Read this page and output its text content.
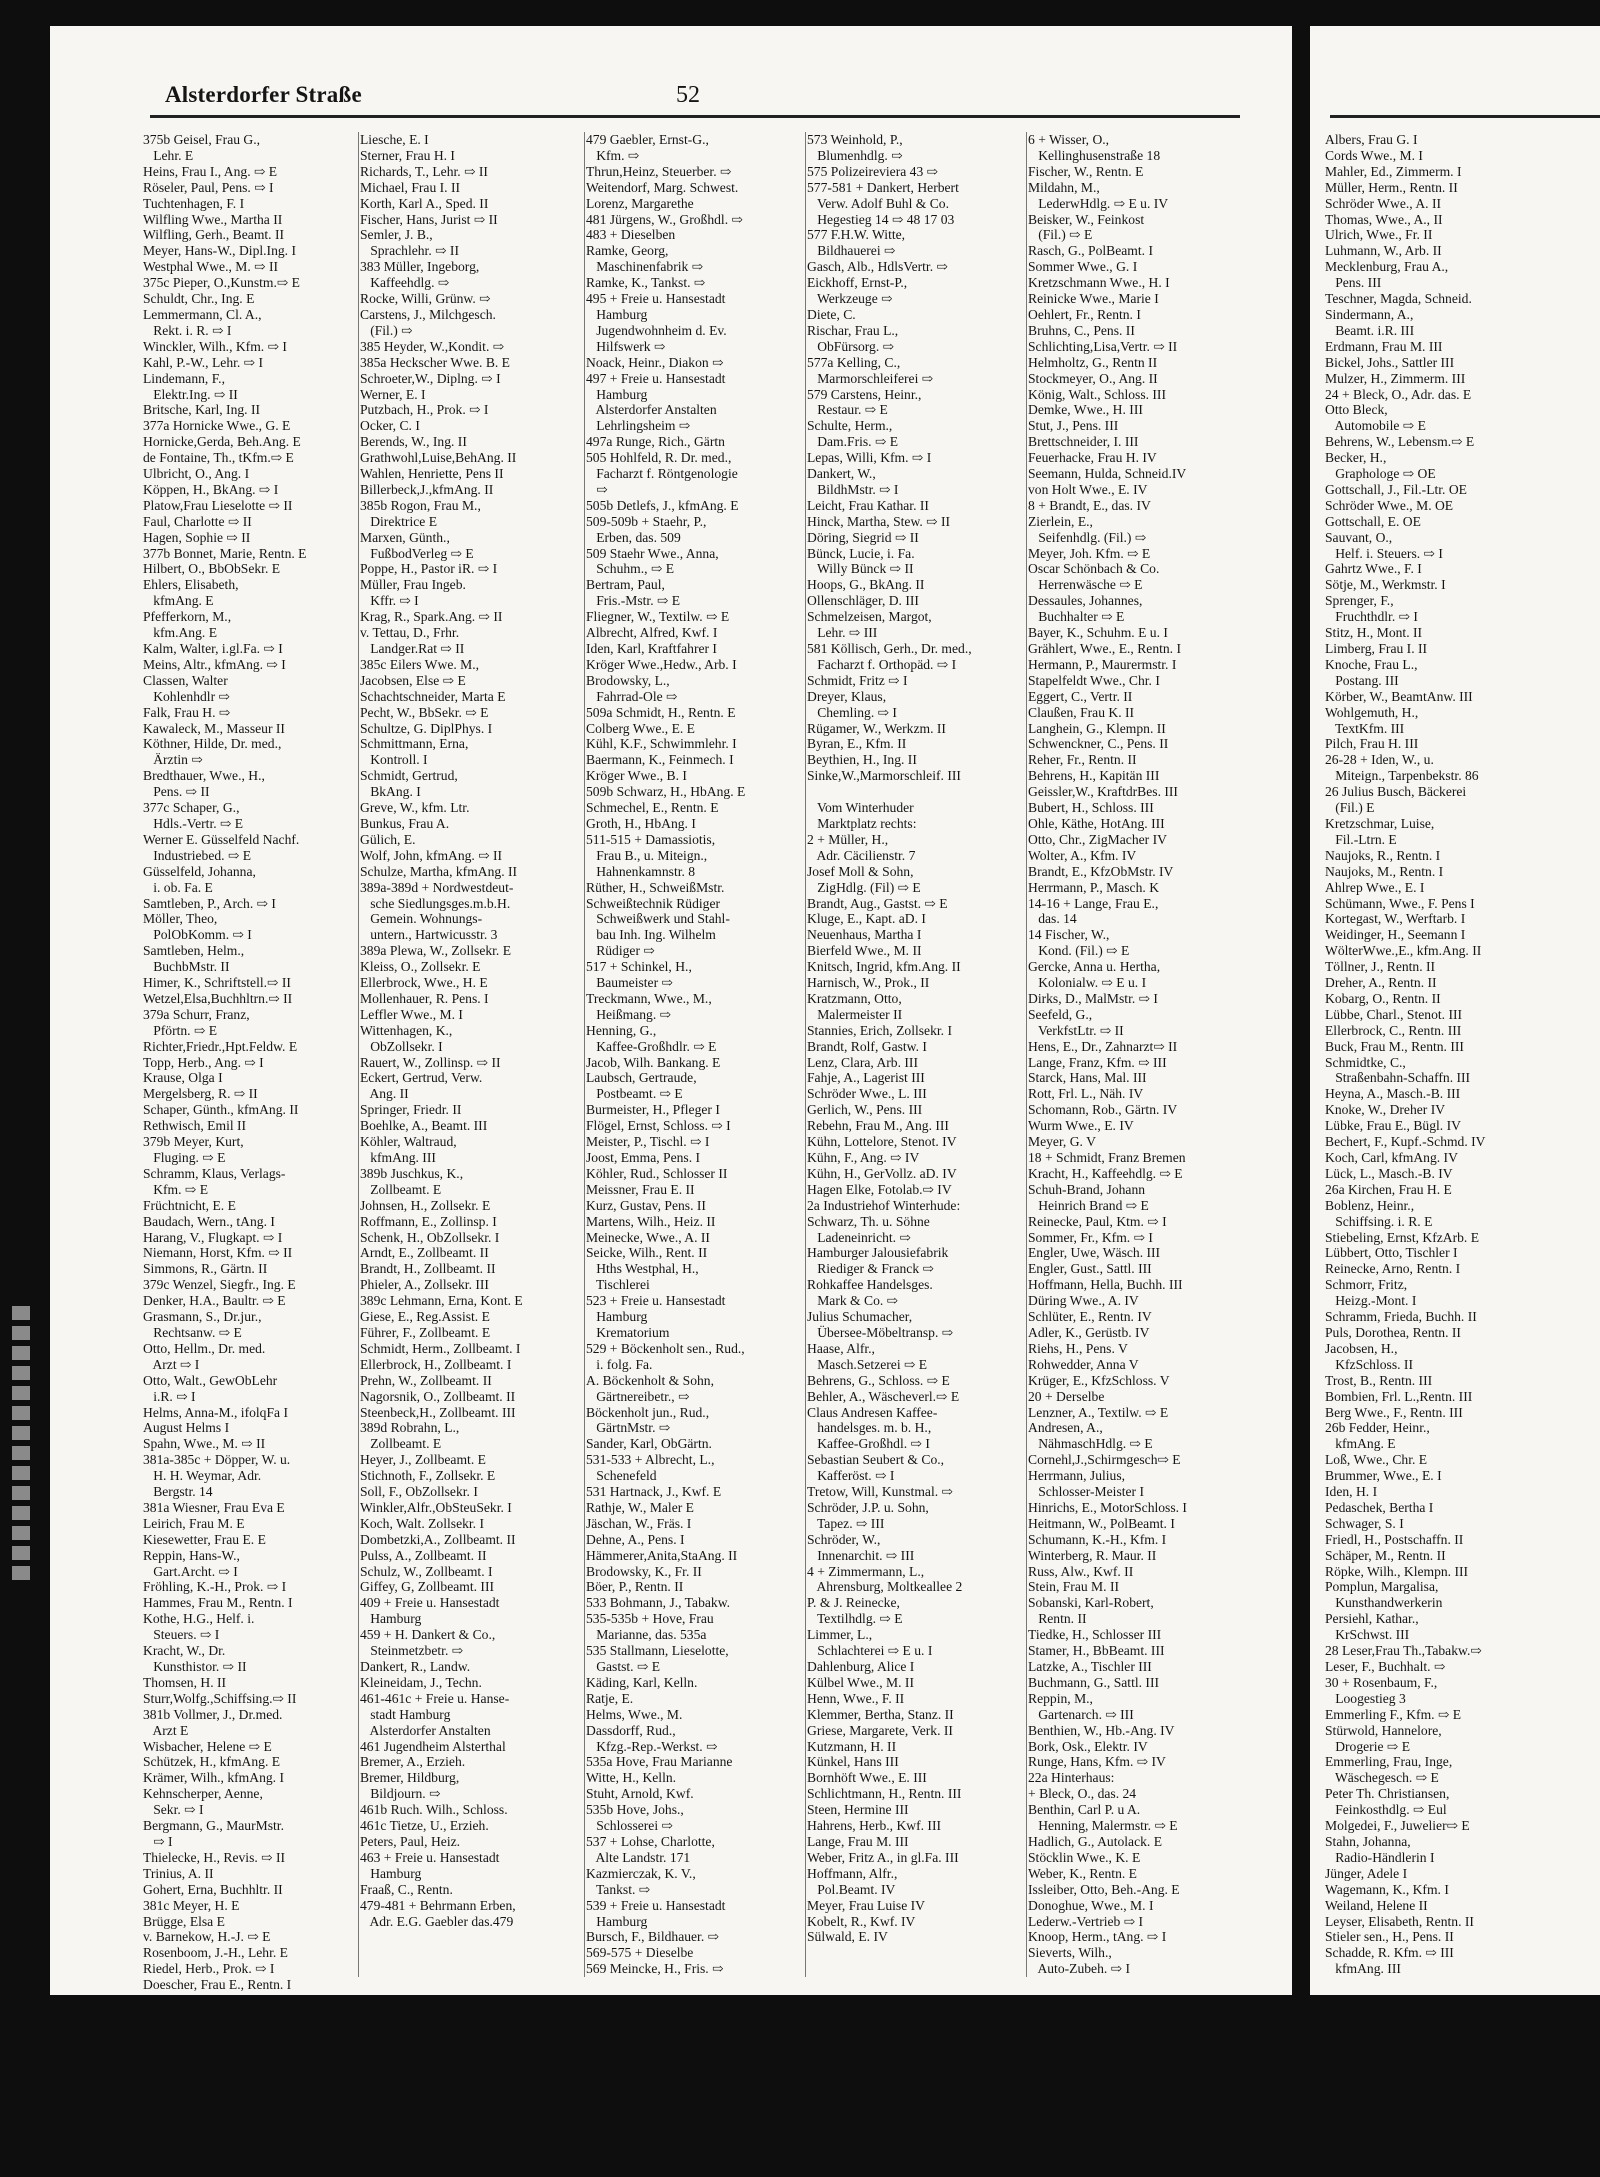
Alsterdorfer Straße	52
375b Geisel, Frau G.,
Lehr. E
Heins, Frau I., Ang. ⇨ E
Röseler, Paul, Pens. ⇨ I
Tuchtenhagen, F. I
Wilfling Wwe., Martha II
Wilfling, Gerh., Beamt. II
Meyer, Hans-W., Dipl.Ing. I
Westphal Wwe., M. ⇨ II
375c Pieper, O.,Kunstm.⇨ E
Schuldt, Chr., Ing. E
Lemmermann, Cl. A.,
Rekt. i. R. ⇨ I
Winckler, Wilh., Kfm. ⇨ I
Kahl, P.-W., Lehr. ⇨ I
Lindemann, F.,
Elektr.Ing. ⇨ II
Britsche, Karl, Ing. II
377a Hornicke Wwe., G. E
Hornicke,Gerda, Beh.Ang. E
de Fontaine, Th., tKfm.⇨ E
Ulbricht, O., Ang. I
Köppen, H., BkAng. ⇨ I
Platow,Frau Lieselotte ⇨ II
Faul, Charlotte ⇨ II
Hagen, Sophie ⇨ II
377b Bonnet, Marie, Rentn. E
Hilbert, O., BbObSekr. E
Ehlers, Elisabeth,
kfmAng. E
Pfefferkorn, M.,
kfm.Ang. E
Kalm, Walter, i.gl.Fa. ⇨ I
Meins, Altr., kfmAng. ⇨ I
Classen, Walter
Kohlenhdlr ⇨
Falk, Frau H. ⇨
Kawaleck, M., Masseur II
Köthner, Hilde, Dr. med.,
Ärztin ⇨
Bredthauer, Wwe., H.,
Pens. ⇨ II
377c Schaper, G.,
Hdls.-Vertr. ⇨ E
Werner E. Güsselfeld Nachf.
Industriebed. ⇨ E
Güsselfeld, Johanna,
i. ob. Fa. E
Samtleben, P., Arch. ⇨ I
Möller, Theo,
PolObKomm. ⇨ I
Samtleben, Helm.,
BuchbMstr. II
Himer, K., Schriftstell.⇨ II
Wetzel,Elsa,Buchhltrn.⇨ II
379a Schurr, Franz,
Pförtn. ⇨ E
Richter,Friedr.,Hpt.Feldw. E
Topp, Herb., Ang. ⇨ I
Krause, Olga I
Mergelsberg, R. ⇨ II
Schaper, Günth., kfmAng. II
Rethwisch, Emil II
379b Meyer, Kurt,
Fluging. ⇨ E
Schramm, Klaus, Verlags-
Kfm. ⇨ E
Früchtnicht, E. E
Baudach, Wern., tAng. I
Harang, V., Flugkapt. ⇨ I
Niemann, Horst, Kfm. ⇨ II
Simmons, R., Gärtn. II
379c Wenzel, Siegfr., Ing. E
Denker, H.A., Baultr. ⇨ E
Grasmann, S., Dr.jur.,
Rechtsanw. ⇨ E
Otto, Hellm., Dr. med.
Arzt ⇨ I
Otto, Walt., GewObLehr
i.R. ⇨ I
Helms, Anna-M., ifolqFa I
August Helms I
Spahn, Wwe., M. ⇨ II
381a-385c + Döpper, W. u.
H. H. Weymar, Adr.
Bergstr. 14
381a Wiesner, Frau Eva E
Leirich, Frau M. E
Kiesewetter, Frau E. E
Reppin, Hans-W.,
Gart.Archt. ⇨ I
Fröhling, K.-H., Prok. ⇨ I
Hammes, Frau M., Rentn. I
Kothe, H.G., Helf. i.
Steuers. ⇨ I
Kracht, W., Dr.
Kunsthistor. ⇨ II
Thomsen, H. II
Sturr,Wolfg.,Schiffsing.⇨ II
381b Vollmer, J., Dr.med.
Arzt E
Wisbacher, Helene ⇨ E
Schützek, H., kfmAng. E
Krämer, Wilh., kfmAng. I
Kehnscherper, Aenne,
Sekr. ⇨ I
Bergmann, G., MaurMstr.
⇨ I
Thielecke, H., Revis. ⇨ II
Trinius, A. II
Gohert, Erna, Buchhltr. II
381c Meyer, H. E
Brügge, Elsa E
v. Barnekow, H.-J. ⇨ E
Rosenboom, J.-H., Lehr. E
Riedel, Herb., Prok. ⇨ I
Doescher, Frau E., Rentn. I
Liesche, E. I
Sterner, Frau H. I
Richards, T., Lehr. ⇨ II
Michael, Frau I. II
Korth, Karl A., Sped. II
Fischer, Hans, Jurist ⇨ II
Semler, J. B.,
Sprachlehr. ⇨ II
383 Müller, Ingeborg,
Kaffeehdlg. ⇨
Rocke, Willi, Grünw. ⇨
Carstens, J., Milchgesch.
(Fil.) ⇨
385 Heyder, W.,Kondit. ⇨
385a Heckscher Wwe. B. E
Schroeter,W., Diplng. ⇨ I
Werner, E. I
Putzbach, H., Prok. ⇨ I
Ocker, C. I
Berends, W., Ing. II
Grathwohl,Luise,BehAng. II
Wahlen, Henriette, Pens II
Billerbeck,J.,kfmAng. II
385b Rogon, Frau M.,
Direktrice E
Marxen, Günth.,
FußbodVerleg ⇨ E
Poppe, H., Pastor iR. ⇨ I
Müller, Frau Ingeb.
Kffr. ⇨ I
Krag, R., Spark.Ang. ⇨ II
v. Tettau, D., Frhr.
Landger.Rat ⇨ II
385c Eilers Wwe. M.,
Jacobsen, Else ⇨ E
Schachtschneider, Marta E
Pecht, W., BbSekr. ⇨ E
Schultze, G. DiplPhys. I
Schmittmann, Erna,
Kontroll. I
Schmidt, Gertrud,
BkAng. I
Greve, W., kfm. Ltr.
Bunkus, Frau A.
Gülich, E.
Wolf, John, kfmAng. ⇨ II
Schulze, Martha, kfmAng. II
389a-389d + Nordwestdeut-
sche Siedlungsges.m.b.H.
Gemein. Wohnungs-
untern., Hartwicusstr. 3
389a Plewa, W., Zollsekr. E
Kleiss, O., Zollsekr. E
Ellerbrock, Wwe., H. E
Mollenhauer, R. Pens. I
Leffler Wwe., M. I
Wittenhagen, K.,
ObZollsekr. I
Rauert, W., Zollinsp. ⇨ II
Eckert, Gertrud, Verw.
Ang. II
Springer, Friedr. II
Boehlke, A., Beamt. III
Köhler, Waltraud,
kfmAng. III
389b Juschkus, K.,
Zollbeamt. E
Johnsen, H., Zollsekr. E
Roffmann, E., Zollinsp. I
Schenk, H., ObZollsekr. I
Arndt, E., Zollbeamt. II
Brandt, H., Zollbeamt. II
Phieler, A., Zollsekr. III
389c Lehmann, Erna, Kont. E
Giese, E., Reg.Assist. E
Führer, F., Zollbeamt. E
Schmidt, Herm., Zollbeamt. I
Ellerbrock, H., Zollbeamt. I
Prehn, W., Zollbeamt. II
Nagorsnik, O., Zollbeamt. II
Steenbeck,H., Zollbeamt. III
389d Robrahn, L.,
Zollbeamt. E
Heyer, J., Zollbeamt. E
Stichnoth, F., Zollsekr. E
Soll, F., ObZollsekr. I
Winkler,Alfr.,ObSteuSekr. I
Koch, Walt. Zollsekr. I
Dombetzki,A., Zollbeamt. II
Pulss, A., Zollbeamt. II
Schulz, W., Zollbeamt. I
Giffey, G, Zollbeamt. III
409 + Freie u. Hansestadt
Hamburg
459 + H. Dankert & Co.,
Steinmetzbetr. ⇨
Dankert, R., Landw.
Kleineidam, J., Techn.
461-461c + Freie u. Hanse-
stadt Hamburg
Alsterdorfer Anstalten
461 Jugendheim Alsterthal
Bremer, A., Erzieh.
Bremer, Hildburg,
Bildjourn. ⇨
461b Ruch. Wilh., Schloss.
461c Tietze, U., Erzieh.
Peters, Paul, Heiz.
463 + Freie u. Hansestadt
Hamburg
Fraaß, C., Rentn.
479-481 + Behrmann Erben,
Adr. E.G. Gaebler das.479
479 Gaebler, Ernst-G.,
Kfm. ⇨
Thrun,Heinz, Steuerber. ⇨
Weitendorf, Marg. Schwest.
Lorenz, Margarethe
481 Jürgens, W., Großhdl. ⇨
483 + Dieselben
Ramke, Georg,
Maschinenfabrik ⇨
Ramke, K., Tankst. ⇨
495 + Freie u. Hansestadt
Hamburg
Jugendwohnheim d. Ev.
Hilfswerk ⇨
Noack, Heinr., Diakon ⇨
497 + Freie u. Hansestadt
Hamburg
Alsterdorfer Anstalten
Lehrlingsheim ⇨
497a Runge, Rich., Gärtn
505 Hohlfeld, R. Dr. med.,
Facharzt f. Röntgenologie
⇨
505b Detlefs, J., kfmAng. E
509-509b + Staehr, P.,
Erben, das. 509
509 Staehr Wwe., Anna,
Schuhm., ⇨ E
Bertram, Paul,
Fris.-Mstr. ⇨ E
Fliegner, W., Textilw. ⇨ E
Albrecht, Alfred, Kwf. I
Iden, Karl, Kraftfahrer I
Kröger Wwe.,Hedw., Arb. I
Brodowsky, L.,
Fahrrad-Ole ⇨
509a Schmidt, H., Rentn. E
Colberg Wwe., E. E
Kühl, K.F., Schwimmlehr. I
Baermann, K., Feinmech. I
Kröger Wwe., B. I
509b Schwarz, H., HbAng. E
Schmechel, E., Rentn. E
Groth, H., HbAng. I
511-515 + Damassiotis,
Frau B., u. Miteign.,
Hahnenkamnstr. 8
Rüther, H., SchweißMstr.
Schweißtechnik Rüdiger
Schweißwerk und Stahl-
bau Inh. Ing. Wilhelm
Rüdiger ⇨
517 + Schinkel, H.,
Baumeister ⇨
Treckmann, Wwe., M.,
Heißmang. ⇨
Henning, G.,
Kaffee-Großhdlr. ⇨ E
Jacob, Wilh. Bankang. E
Laubsch, Gertraude,
Postbeamt. ⇨ E
Burmeister, H., Pfleger I
Flögel, Ernst, Schloss. ⇨ I
Meister, P., Tischl. ⇨ I
Joost, Emma, Pens. I
Köhler, Rud., Schlosser II
Meissner, Frau E. II
Kurz, Gustav, Pens. II
Martens, Wilh., Heiz. II
Meinecke, Wwe., A. II
Seicke, Wilh., Rent. II
Hths Westphal, H.,
Tischlerei
523 + Freie u. Hansestadt
Hamburg
Krematorium
529 + Böckenholt sen., Rud.,
i. folg. Fa.
A. Böckenholt & Sohn,
Gärtnereibetr., ⇨
Böckenholt jun., Rud.,
GärtnMstr. ⇨
Sander, Karl, ObGärtn.
531-533 + Albrecht, L.,
Schenefeld
531 Hartnack, J., Kwf. E
Rathje, W., Maler E
Jäschan, W., Fräs. I
Dehne, A., Pens. I
Hämmerer,Anita,StaAng. II
Brodowsky, K., Fr. II
Böer, P., Rentn. II
533 Bohmann, J., Tabakw.
535-535b + Hove, Frau
Marianne, das. 535a
535 Stallmann, Lieselotte,
Gastst. ⇨ E
Käding, Karl, Kelln.
Ratje, E.
Helms, Wwe., M.
Dassdorff, Rud.,
Kfzg.-Rep.-Werkst. ⇨
535a Hove, Frau Marianne
Witte, H., Kelln.
Stuht, Arnold, Kwf.
535b Hove, Johs.,
Schlosserei ⇨
537 + Lohse, Charlotte,
Alte Landstr. 171
Kazmierczak, K. V.,
Tankst. ⇨
539 + Freie u. Hansestadt
Hamburg
Bursch, F., Bildhauer. ⇨
569-575 + Dieselbe
569 Meincke, H., Fris. ⇨
573 Weinhold, P.,
Blumenhdlg. ⇨
575 Polizeireviera 43 ⇨
577-581 + Dankert, Herbert
Verw. Adolf Buhl & Co.
Hegestieg 14 ⇨ 48 17 03
577 F.H.W. Witte,
Bildhauerei ⇨
Gasch, Alb., HdlsVertr. ⇨
Eickhoff, Ernst-P.,
Werkzeuge ⇨
Diete, C.
Rischar, Frau L.,
ObFürsorg. ⇨
577a Kelling, C.,
Marmorschleiferei ⇨
579 Carstens, Heinr.,
Restaur. ⇨ E
Schulte, Herm.,
Dam.Fris. ⇨ E
Lepas, Willi, Kfm. ⇨ I
Dankert, W.,
BildhMstr. ⇨ I
Leicht, Frau Kathar. II
Hinck, Martha, Stew. ⇨ II
Döring, Siegrid ⇨ II
Bünck, Lucie, i. Fa.
Willy Bünck ⇨ II
Hoops, G., BkAng. II
Ollenschläger, D. III
Schmelzeisen, Margot,
Lehr. ⇨ III
581 Köllisch, Gerh., Dr. med.,
Facharzt f. Orthopäd. ⇨ I
Schmidt, Fritz ⇨ I
Dreyer, Klaus,
Chemling. ⇨ I
Rügamer, W., Werkzm. II
Byran, E., Kfm. II
Beythien, H., Ing. II
Sinke,W.,Marmorschleif. III

Vom Winterhuder
Marktplatz rechts:
2 + Müller, H.,
Adr. Cäcilienstr. 7
Josef Moll & Sohn,
ZigHdlg. (Fil) ⇨ E
Brandt, Aug., Gastst. ⇨ E
Kluge, E., Kapt. aD. I
Neuenhaus, Martha I
Bierfeld Wwe., M. II
Knitsch, Ingrid, kfm.Ang. II
Harnisch, W., Prok., II
Kratzmann, Otto,
Malermeister II
Stannies, Erich, Zollsekr. I
Brandt, Rolf, Gastw. I
Lenz, Clara, Arb. III
Fahje, A., Lagerist III
Schröder Wwe., L. III
Gerlich, W., Pens. III
Rebehn, Frau M., Ang. III
Kühn, Lottelore, Stenot. IV
Kühn, F., Ang. ⇨ IV
Kühn, H., GerVollz. aD. IV
Hagen Elke, Fotolab.⇨ IV
2a Industriehof Winterhude:
Schwarz, Th. u. Söhne
Ladeneinricht. ⇨
Hamburger Jalousiefabrik
Riediger & Franck ⇨
Rohkaffee Handelsges.
Mark & Co. ⇨
Julius Schumacher,
Übersee-Möbeltransp. ⇨
Haase, Alfr.,
Masch.Setzerei ⇨ E
Behrens, G., Schloss. ⇨ E
Behler, A., Wäscheverl.⇨ E
Claus Andresen Kaffee-
handelsges. m. b. H.,
Kaffee-Großhdl. ⇨ I
Sebastian Seubert & Co.,
Kafferöst. ⇨ I
Tretow, Will, Kunstmal. ⇨
Schröder, J.P. u. Sohn,
Tapez. ⇨ III
Schröder, W.,
Innenarchit. ⇨ III
4 + Zimmermann, L.,
Ahrensburg, Moltkeallee 2
P. & J. Reinecke,
Textilhdlg. ⇨ E
Limmer, L.,
Schlachterei ⇨ E u. I
Dahlenburg, Alice I
Külbel Wwe., M. II
Henn, Wwe., F. II
Klemmer, Bertha, Stanz. II
Griese, Margarete, Verk. II
Kutzmann, H. II
Künkel, Hans III
Bornhöft Wwe., E. III
Schlichtmann, H., Rentn. III
Steen, Hermine III
Hahrens, Herb., Kwf. III
Lange, Frau M. III
Weber, Fritz A., in gl.Fa. III
Hoffmann, Alfr.,
Pol.Beamt. IV
Meyer, Frau Luise IV
Kobelt, R., Kwf. IV
Sülwald, E. IV
6 + Wisser, O.,
Kellinghusenstraße 18
Fischer, W., Rentn. E
Mildahn, M.,
LederwHdlg. ⇨ E u. IV
Beisker, W., Feinkost
(Fil.) ⇨ E
Rasch, G., PolBeamt. I
Sommer Wwe., G. I
Kretzschmann Wwe., H. I
Reinicke Wwe., Marie I
Oehlert, Fr., Rentn. I
Bruhns, C., Pens. II
Schlichting,Lisa,Vertr. ⇨ II
Helmholtz, G., Rentn II
Stockmeyer, O., Ang. II
König, Walt., Schloss. III
Demke, Wwe., H. III
Stut, J., Pens. III
Brettschneider, I. III
Feuerhacke, Frau H. IV
Seemann, Hulda, Schneid.IV
von Holt Wwe., E. IV
8 + Brandt, E., das. IV
Zierlein, E.,
Seifenhdlg. (Fil.) ⇨
Meyer, Joh. Kfm. ⇨ E
Oscar Schönbach & Co.
Herrenwäsche ⇨ E
Dessaules, Johannes,
Buchhalter ⇨ E
Bayer, K., Schuhm. E u. I
Grählert, Wwe., E., Rentn. I
Hermann, P., Maurermstr. I
Stapelfeldt Wwe., Chr. I
Eggert, C., Vertr. II
Claußen, Frau K. II
Langhein, G., Klempn. II
Schwenckner, C., Pens. II
Reher, Fr., Rentn. II
Behrens, H., Kapitän III
Geissler,W., KraftdrBes. III
Bubert, H., Schloss. III
Ohle, Käthe, HotAng. III
Otto, Chr., ZigMacher IV
Wolter, A., Kfm. IV
Brandt, E., KfzObMstr. IV
Herrmann, P., Masch. K
14-16 + Lange, Frau E.,
das. 14
14 Fischer, W.,
Kond. (Fil.) ⇨ E
Gercke, Anna u. Hertha,
Kolonialw. ⇨ E u. I
Dirks, D., MalMstr. ⇨ I
Seefeld, G.,
VerkfstLtr. ⇨ II
Hens, E., Dr., Zahnarzt⇨ II
Lange, Franz, Kfm. ⇨ III
Starck, Hans, Mal. III
Rott, Frl. L., Näh. IV
Schomann, Rob., Gärtn. IV
Wurm Wwe., E. IV
Meyer, G. V
18 + Schmidt, Franz Bremen
Kracht, H., Kaffeehdlg. ⇨ E
Schuh-Brand, Johann
Heinrich Brand ⇨ E
Reinecke, Paul, Ktm. ⇨ I
Sommer, Fr., Kfm. ⇨ I
Engler, Uwe, Wäsch. III
Engler, Gust., Sattl. III
Hoffmann, Hella, Buchh. III
Düring Wwe., A. IV
Schlüter, E., Rentn. IV
Adler, K., Gerüstb. IV
Riehs, H., Pens. V
Rohwedder, Anna V
Krüger, E., KfzSchloss. V
20 + Derselbe
Lenzner, A., Textilw. ⇨ E
Andresen, A.,
NähmaschHdlg. ⇨ E
Cornehl,J.,Schirmgesch⇨ E
Herrmann, Julius,
Schlosser-Meister I
Hinrichs, E., MotorSchloss. I
Heitmann, W., PolBeamt. I
Schumann, K.-H., Kfm. I
Winterberg, R. Maur. II
Russ, Alw., Kwf. II
Stein, Frau M. II
Sobanski, Karl-Robert,
Rentn. II
Tiedke, H., Schlosser III
Stamer, H., BbBeamt. III
Latzke, A., Tischler III
Buchmann, G., Sattl. III
Reppin, M.,
Gartenarch. ⇨ III
Benthien, W., Hb.-Ang. IV
Bork, Osk., Elektr. IV
Runge, Hans, Kfm. ⇨ IV
22a Hinterhaus:
+ Bleck, O., das. 24
Benthin, Carl P. u A.
Henning, Malermstr. ⇨ E
Hadlich, G., Autolack. E
Stöcklin Wwe., K. E
Weber, K., Rentn. E
Issleiber, Otto, Beh.-Ang. E
Donoghue, Wwe., M. I
Lederw.-Vertrieb ⇨ I
Knoop, Herm., tAng. ⇨ I
Sieverts, Wilh.,
Auto-Zubeh. ⇨ I
Albers, Frau G. I
Cords Wwe., M. I
Mahler, Ed., Zimmerm. I
Müller, Herm., Rentn. II
Schröder Wwe., A. II
Thomas, Wwe., A., II
Ulrich, Wwe., Fr. II
Luhmann, W., Arb. II
Mecklenburg, Frau A.,
Pens. III
Teschner, Magda, Schneid.
Sindermann, A.,
Beamt. i.R. III
Erdmann, Frau M. III
Bickel, Johs., Sattler III
Mulzer, H., Zimmerm. III
24 + Bleck, O., Adr. das. E
Otto Bleck,
Automobile ⇨ E
Behrens, W., Lebensm.⇨ E
Becker, H.,
Graphologe ⇨ OE
Gottschall, J., Fil.-Ltr. OE
Schröder Wwe., M. OE
Gottschall, E. OE
Sauvant, O.,
Helf. i. Steuers. ⇨ I
Gahrtz Wwe., F. I
Sötje, M., Werkmstr. I
Sprenger, F.,
Fruchthdlr. ⇨ I
Stitz, H., Mont. II
Limberg, Frau I. II
Knoche, Frau L.,
Postang. III
Körber, W., BeamtAnw. III
Wohlgemuth, H.,
TextKfm. III
Pilch, Frau H. III
26-28 + Iden, W., u.
Miteign., Tarpenbekstr. 86
26 Julius Busch, Bäckerei
(Fil.) E
Kretzschmar, Luise,
Fil.-Ltrn. E
Naujoks, R., Rentn. I
Naujoks, M., Rentn. I
Ahlrep Wwe., E. I
Schümann, Wwe., F. Pens I
Kortegast, W., Werftarb. I
Weidinger, H., Seemann I
WölterWwe.,E., kfm.Ang. II
Töllner, J., Rentn. II
Dreher, A., Rentn. II
Kobarg, O., Rentn. II
Lübbe, Charl., Stenot. III
Ellerbrock, C., Rentn. III
Buck, Frau M., Rentn. III
Schmidtke, C.,
Straßenbahn-Schaffn. III
Heyna, A., Masch.-B. III
Knoke, W., Dreher IV
Lübke, Frau E., Bügl. IV
Bechert, F., Kupf.-Schmd. IV
Koch, Carl, kfmAng. IV
Lück, L., Masch.-B. IV
26a Kirchen, Frau H. E
Boblenz, Heinr.,
Schiffsing. i. R. E
Stiebeling, Ernst, KfzArb. E
Lübbert, Otto, Tischler I
Reinecke, Arno, Rentn. I
Schmorr, Fritz,
Heizg.-Mont. I
Schramm, Frieda, Buchh. II
Puls, Dorothea, Rentn. II
Jacobsen, H.,
KfzSchloss. II
Trost, B., Rentn. III
Bombien, Frl. L.,Rentn. III
Berg Wwe., F., Rentn. III
26b Fedder, Heinr.,
kfmAng. E
Loß, Wwe., Chr. E
Brummer, Wwe., E. I
Iden, H. I
Pedaschek, Bertha I
Schwager, S. I
Friedl, H., Postschaffn. II
Schäper, M., Rentn. II
Röpke, Wilh., Klempn. III
Pomplun, Margalisa,
Kunsthandwerkerin
Persiehl, Kathar.,
KrSchwst. III
28 Leser,Frau Th.,Tabakw.⇨
Leser, F., Buchhalt. ⇨
30 + Rosenbaum, F.,
Loogestieg 3
Emmerling F., Kfm. ⇨ E
Stürwold, Hannelore,
Drogerie ⇨ E
Emmerling, Frau, Inge,
Wäschegesch. ⇨ E
Peter Th. Christiansen,
Feinkosthdlg. ⇨ Eul
Molgedei, F., Juwelier⇨ E
Stahn, Johanna,
Radio-Händlerin I
Jünger, Adele I
Wagemann, K., Kfm. I
Weiland, Helene II
Leyser, Elisabeth, Rentn. II
Stieler sen., H., Pens. II
Schadde, R. Kfm. ⇨ III
kfmAng. III
